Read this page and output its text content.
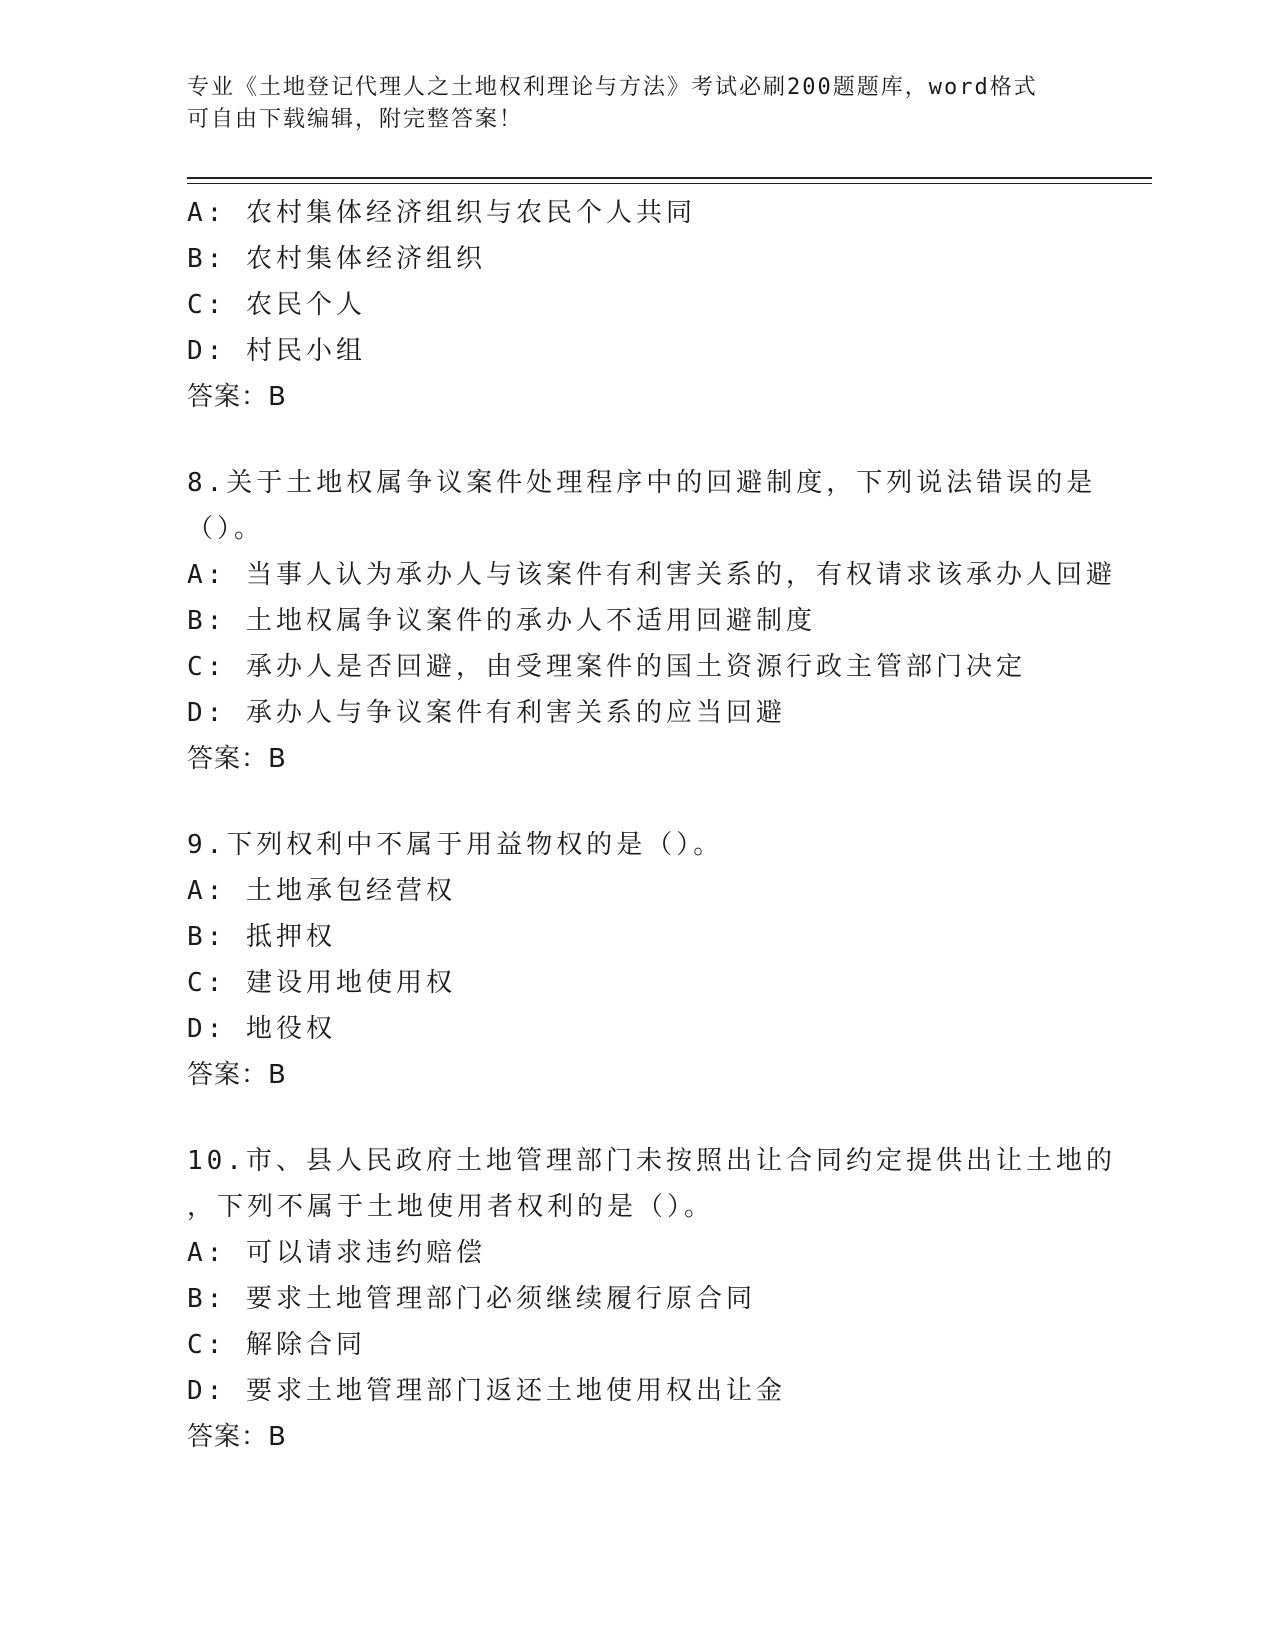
专业《土地登记代理人之土地权利理论与方法》考试必刷200题题库，word格式
可自由下载编辑，附完整答案！
A: 农村集体经济组织与农民个人共同
B: 农村集体经济组织
C: 农民个人
D: 村民小组
答案：B
8.关于土地权属争议案件处理程序中的回避制度，下列说法错误的是
（）。
A: 当事人认为承办人与该案件有利害关系的，有权请求该承办人回避
B: 土地权属争议案件的承办人不适用回避制度
C: 承办人是否回避，由受理案件的国土资源行政主管部门决定
D: 承办人与争议案件有利害关系的应当回避
答案：B
9.下列权利中不属于用益物权的是（）。
A: 土地承包经营权
B: 抵押权
C: 建设用地使用权
D: 地役权
答案：B
10.市、县人民政府土地管理部门未按照出让合同约定提供出让土地的
，下列不属于土地使用者权利的是（）。
A: 可以请求违约赔偿
B: 要求土地管理部门必须继续履行原合同
C: 解除合同
D: 要求土地管理部门返还土地使用权出让金
答案：B
